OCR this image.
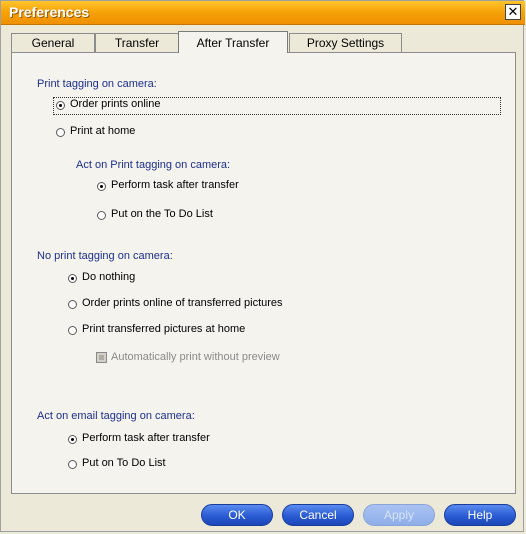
Preferences	✕
General	Transfer	After Transfer	Proxy Settings
Print tagging on camera:
Order prints online
Print at home
Act on Print tagging on camera:
Perform task after transfer
Put on the To Do List
No print tagging on camera:
Do nothing
Order prints online of transferred pictures
Print transferred pictures at home
Automatically print without preview
Act on email tagging on camera:
Perform task after transfer
Put on To Do List
OK	Cancel	Apply	Help
